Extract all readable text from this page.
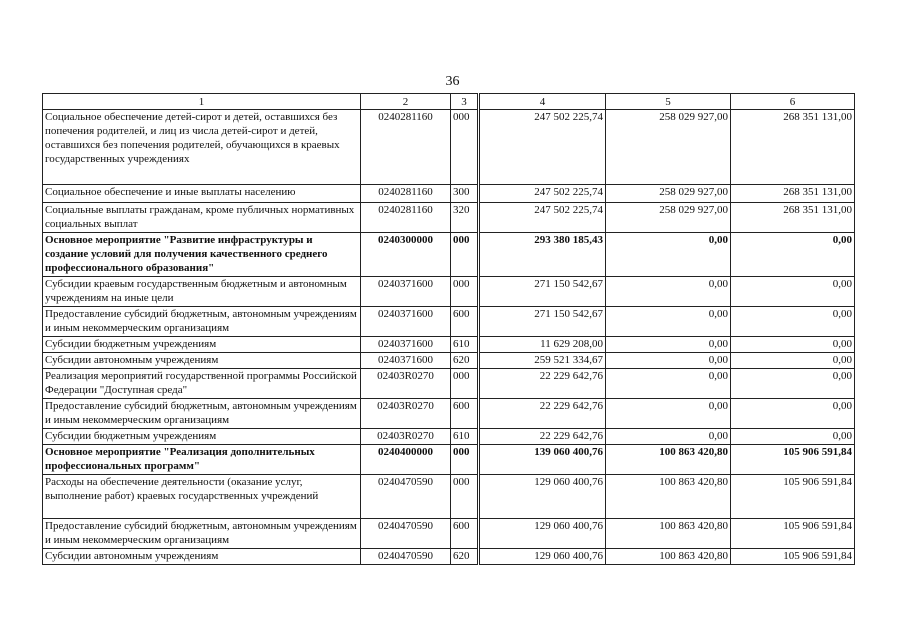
36
1	2	3	4	5	6
Социальное обеспечение детей-сирот и детей, оставшихся без попечения родителей, и лиц из числа детей-сирот и детей, оставшихся без попечения родителей, обучающихся в краевых государственных учреждениях	0240281160	000	247 502 225,74	258 029 927,00	268 351 131,00
Социальное обеспечение и иные выплаты населению	0240281160	300	247 502 225,74	258 029 927,00	268 351 131,00
Социальные выплаты гражданам, кроме публичных нормативных социальных выплат	0240281160	320	247 502 225,74	258 029 927,00	268 351 131,00
Основное мероприятие "Развитие инфраструктуры и создание условий для получения качественного среднего профессионального образования"	0240300000	000	293 380 185,43	0,00	0,00
Субсидии краевым государственным бюджетным и автономным учреждениям на иные цели	0240371600	000	271 150 542,67	0,00	0,00
Предоставление субсидий бюджетным, автономным учреждениям и иным некоммерческим организациям	0240371600	600	271 150 542,67	0,00	0,00
Субсидии бюджетным учреждениям	0240371600	610	11 629 208,00	0,00	0,00
Субсидии автономным учреждениям	0240371600	620	259 521 334,67	0,00	0,00
Реализация мероприятий государственной программы Российской Федерации "Доступная среда"	02403R0270	000	22 229 642,76	0,00	0,00
Предоставление субсидий бюджетным, автономным учреждениям и иным некоммерческим организациям	02403R0270	600	22 229 642,76	0,00	0,00
Субсидии бюджетным учреждениям	02403R0270	610	22 229 642,76	0,00	0,00
Основное мероприятие "Реализация дополнительных профессиональных программ"	0240400000	000	139 060 400,76	100 863 420,80	105 906 591,84
Расходы на обеспечение деятельности (оказание услуг, выполнение работ) краевых государственных учреждений	0240470590	000	129 060 400,76	100 863 420,80	105 906 591,84
Предоставление субсидий бюджетным, автономным учреждениям и иным некоммерческим организациям	0240470590	600	129 060 400,76	100 863 420,80	105 906 591,84
Субсидии автономным учреждениям	0240470590	620	129 060 400,76	100 863 420,80	105 906 591,84
